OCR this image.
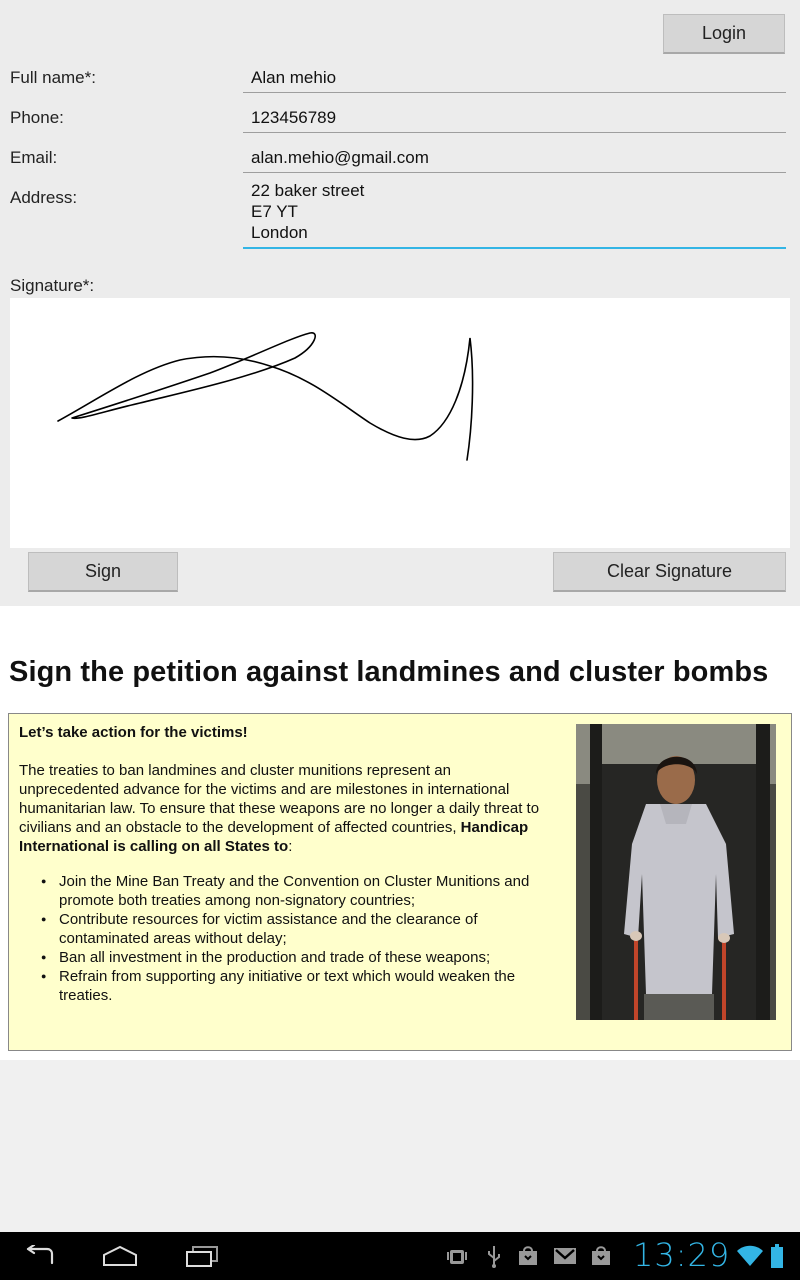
Login
Full name*:	Alan mehio
Phone:	123456789
Email:	alan.mehio@gmail.com
Address:	22 baker street
E7 YT
London
Signature*:
Sign	Clear Signature
Sign the petition against landmines and cluster bombs
Let’s take action for the victims!
The treaties to ban landmines and cluster munitions represent an unprecedented advance for the victims and are milestones in international humanitarian law. To ensure that these weapons are no longer a daily threat to civilians and an obstacle to the development of affected countries, Handicap International is calling on all States to:
● Join the Mine Ban Treaty and the Convention on Cluster Munitions and promote both treaties among non-signatory countries;
● Contribute resources for victim assistance and the clearance of contaminated areas without delay;
● Ban all investment in the production and trade of these weapons;
● Refrain from supporting any initiative or text which would weaken the treaties.
13:29
